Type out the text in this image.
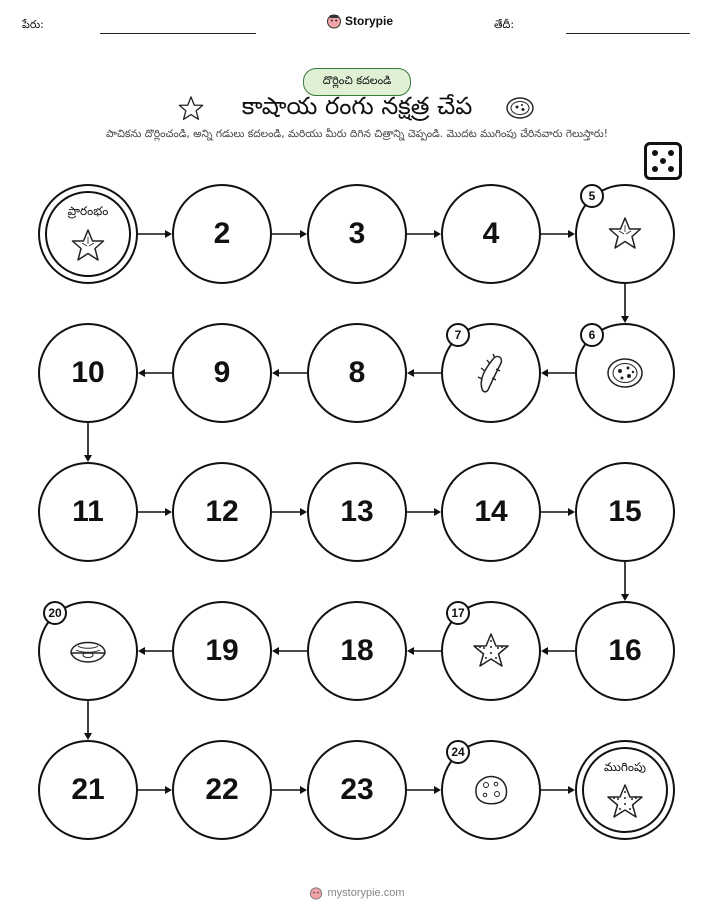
పేరు:	Storypie	తేదీ:
దొర్లించి కదలండి
కాషాయ రంగు నక్షత్ర చేప
పాచికను దొర్లించండి, అన్ని గడులు కదలండి, మరియు మీరు దిగిన చిత్రాన్ని చెప్పండి. మొదట ముగింపు చేరినవారు గెలుస్తారు!
ప్రారంభం
2	3	4
5
6
7
8
9
10
11	12	13	14	15
16
17
18
19
20
21	22	23
24
ముగింపు
mystorypie.com
